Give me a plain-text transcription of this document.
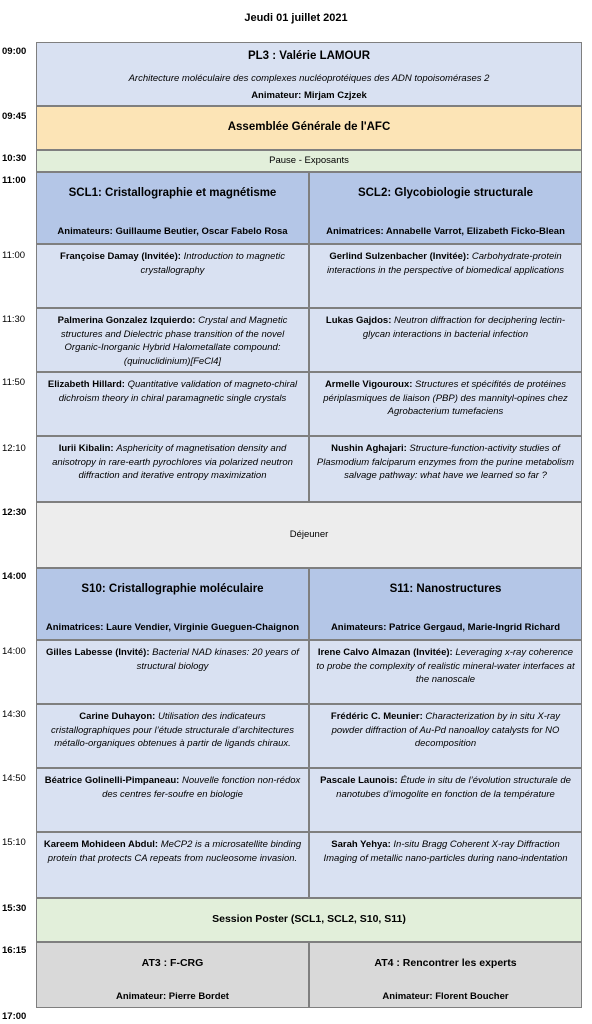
Jeudi 01 juillet 2021
09:00
09:45
10:30
11:00
11:00
11:30
11:50
12:10
12:30
14:00
14:00
14:30
14:50
15:10
15:30
16:15
17:00
PL3 : Valérie LAMOUR
Architecture moléculaire des complexes nucléoprotéiques des ADN topoisomérases 2
Animateur: Mirjam Czjzek
Assemblée Générale de l'AFC
Pause - Exposants
SCL1: Cristallographie et magnétisme
Animateurs: Guillaume Beutier, Oscar Fabelo Rosa
SCL2: Glycobiologie structurale
Animatrices: Annabelle Varrot, Elizabeth Ficko-Blean
Françoise Damay (Invitée): Introduction to magnetic crystallography
Gerlind Sulzenbacher (Invitée): Carbohydrate-protein interactions in the perspective of biomedical applications
Palmerina Gonzalez Izquierdo: Crystal and Magnetic structures and Dielectric phase transition of the novel Organic-Inorganic Hybrid Halometallate compound: (quinuclidinium)[FeCl4]
Lukas Gajdos: Neutron diffraction for deciphering lectin-glycan interactions in bacterial infection
Elizabeth Hillard: Quantitative validation of magneto-chiral dichroism theory in chiral paramagnetic single crystals
Armelle Vigouroux: Structures et spécifités de protéines périplasmiques de liaison (PBP) des mannityl-opines chez Agrobacterium tumefaciens
Iurii Kibalin: Asphericity of magnetisation density and anisotropy in rare-earth pyrochlores via polarized neutron diffraction and iterative entropy maximization
Nushin Aghajari: Structure-function-activity studies of Plasmodium falciparum enzymes from the purine metabolism salvage pathway: what have we learned so far ?
Déjeuner
S10: Cristallographie moléculaire
Animatrices: Laure Vendier, Virginie Gueguen-Chaignon
S11: Nanostructures
Animateurs: Patrice Gergaud, Marie-Ingrid Richard
Gilles Labesse (Invité): Bacterial NAD kinases: 20 years of structural biology
Irene Calvo Almazan (Invitée): Leveraging x-ray coherence to probe the complexity of realistic mineral-water interfaces at the nanoscale
Carine Duhayon: Utilisation des indicateurs cristallographiques pour l’étude structurale d’architectures métallo-organiques obtenues à partir de ligands chiraux.
Frédéric C. Meunier: Characterization by in situ X-ray powder diffraction of Au-Pd nanoalloy catalysts for NO decomposition
Béatrice Golinelli-Pimpaneau: Nouvelle fonction non-rédox des centres fer-soufre en biologie
Pascale Launois: Étude in situ de l’évolution structurale de nanotubes d’imogolite en fonction de la température
Kareem Mohideen Abdul: MeCP2 is a microsatellite binding protein that protects CA repeats from nucleosome invasion.
Sarah Yehya: In-situ Bragg Coherent X-ray Diffraction Imaging of metallic nano-particles during nano-indentation
Session Poster (SCL1, SCL2, S10, S11)
AT3 : F-CRG
Animateur: Pierre Bordet
AT4 : Rencontrer les experts
Animateur: Florent Boucher
